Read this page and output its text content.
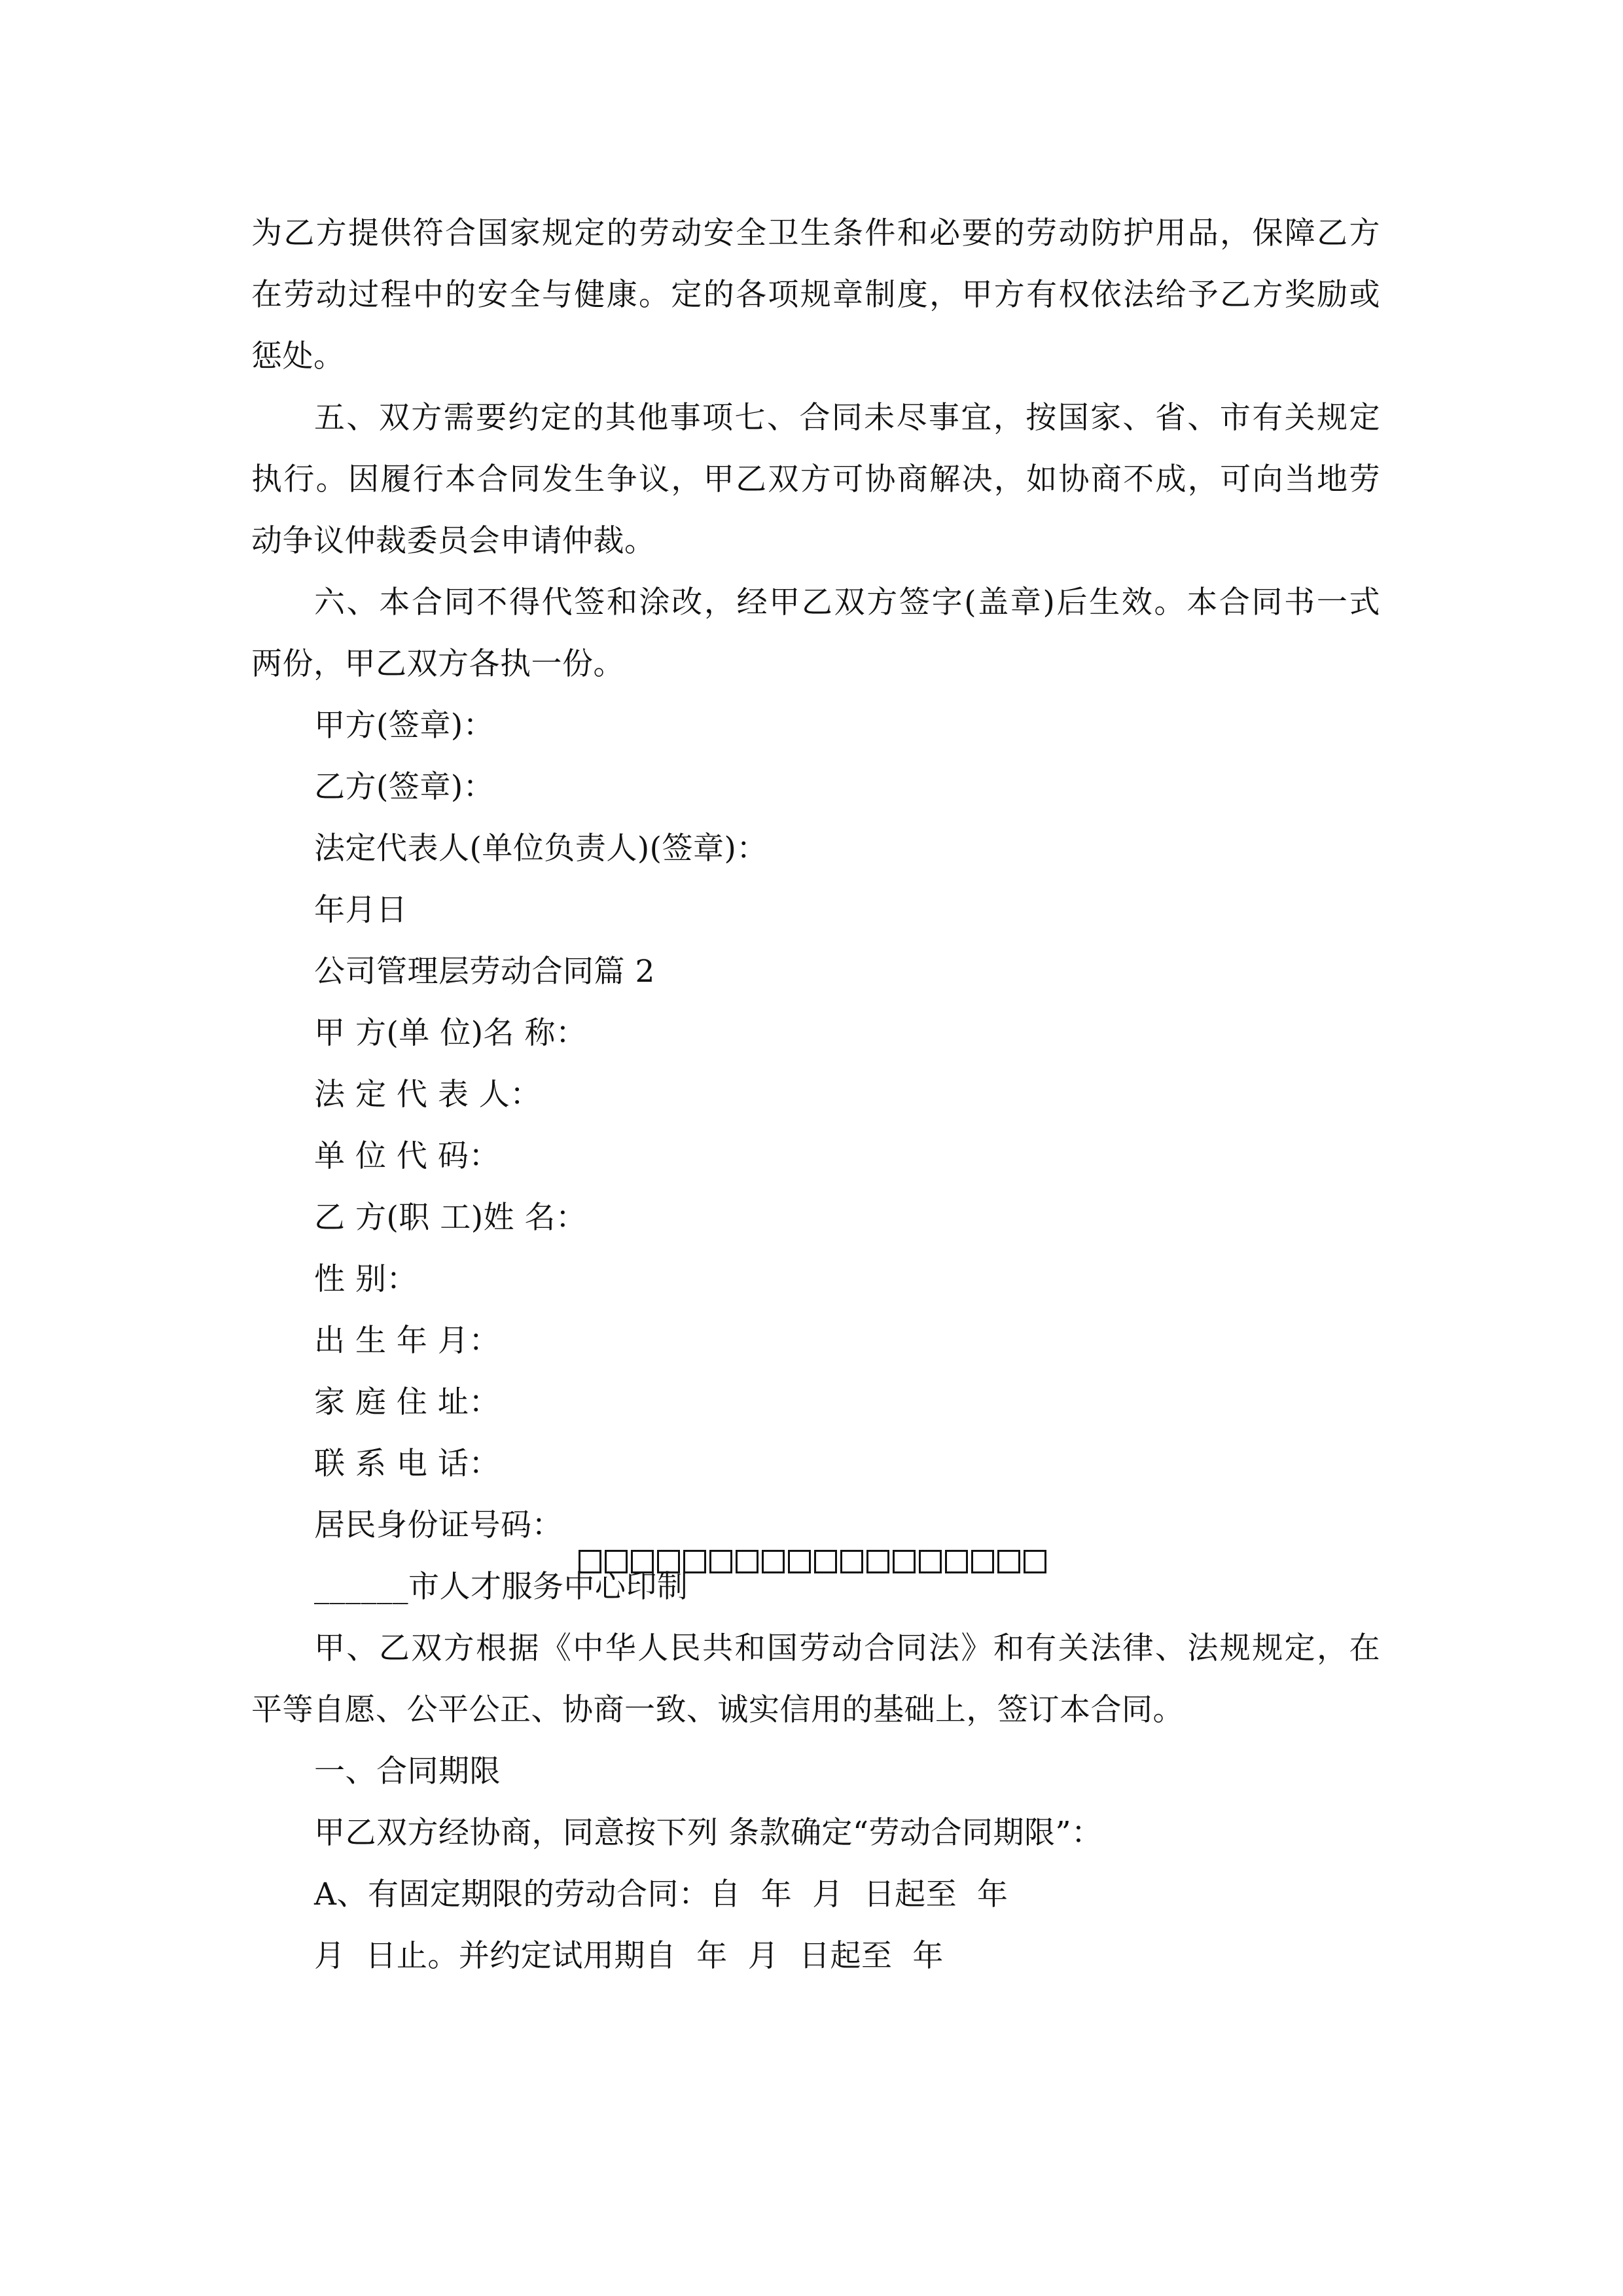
为乙方提供符合国家规定的劳动安全卫生条件和必要的劳动防护用品，保障乙方
在劳动过程中的安全与健康。定的各项规章制度，甲方有权依法给予乙方奖励或
惩处。
五、双方需要约定的其他事项七、合同未尽事宜，按国家、省、市有关规定
执行。因履行本合同发生争议，甲乙双方可协商解决，如协商不成，可向当地劳
动争议仲裁委员会申请仲裁。
六、本合同不得代签和涂改，经甲乙双方签字(盖章)后生效。本合同书一式
两份，甲乙双方各执一份。
甲方(签章)：
乙方(签章)：
法定代表人(单位负责人)(签章)：
年月日
公司管理层劳动合同篇 2
甲 方(单 位)名 称：
法 定 代 表 人：
单 位 代 码：
乙 方(职 工)姓 名：
性 别：
出 生 年 月：
家 庭 住 址：
联 系 电 话：
居民身份证号码：
______市人才服务中心印制
甲、乙双方根据《中华人民共和国劳动合同法》和有关法律、法规规定，在
平等自愿、公平公正、协商一致、诚实信用的基础上，签订本合同。
一、合同期限
甲乙双方经协商，同意按下列 条款确定“劳动合同期限”：
A、有固定期限的劳动合同：自  年  月  日起至  年
月  日止。并约定试用期自  年  月  日起至  年
